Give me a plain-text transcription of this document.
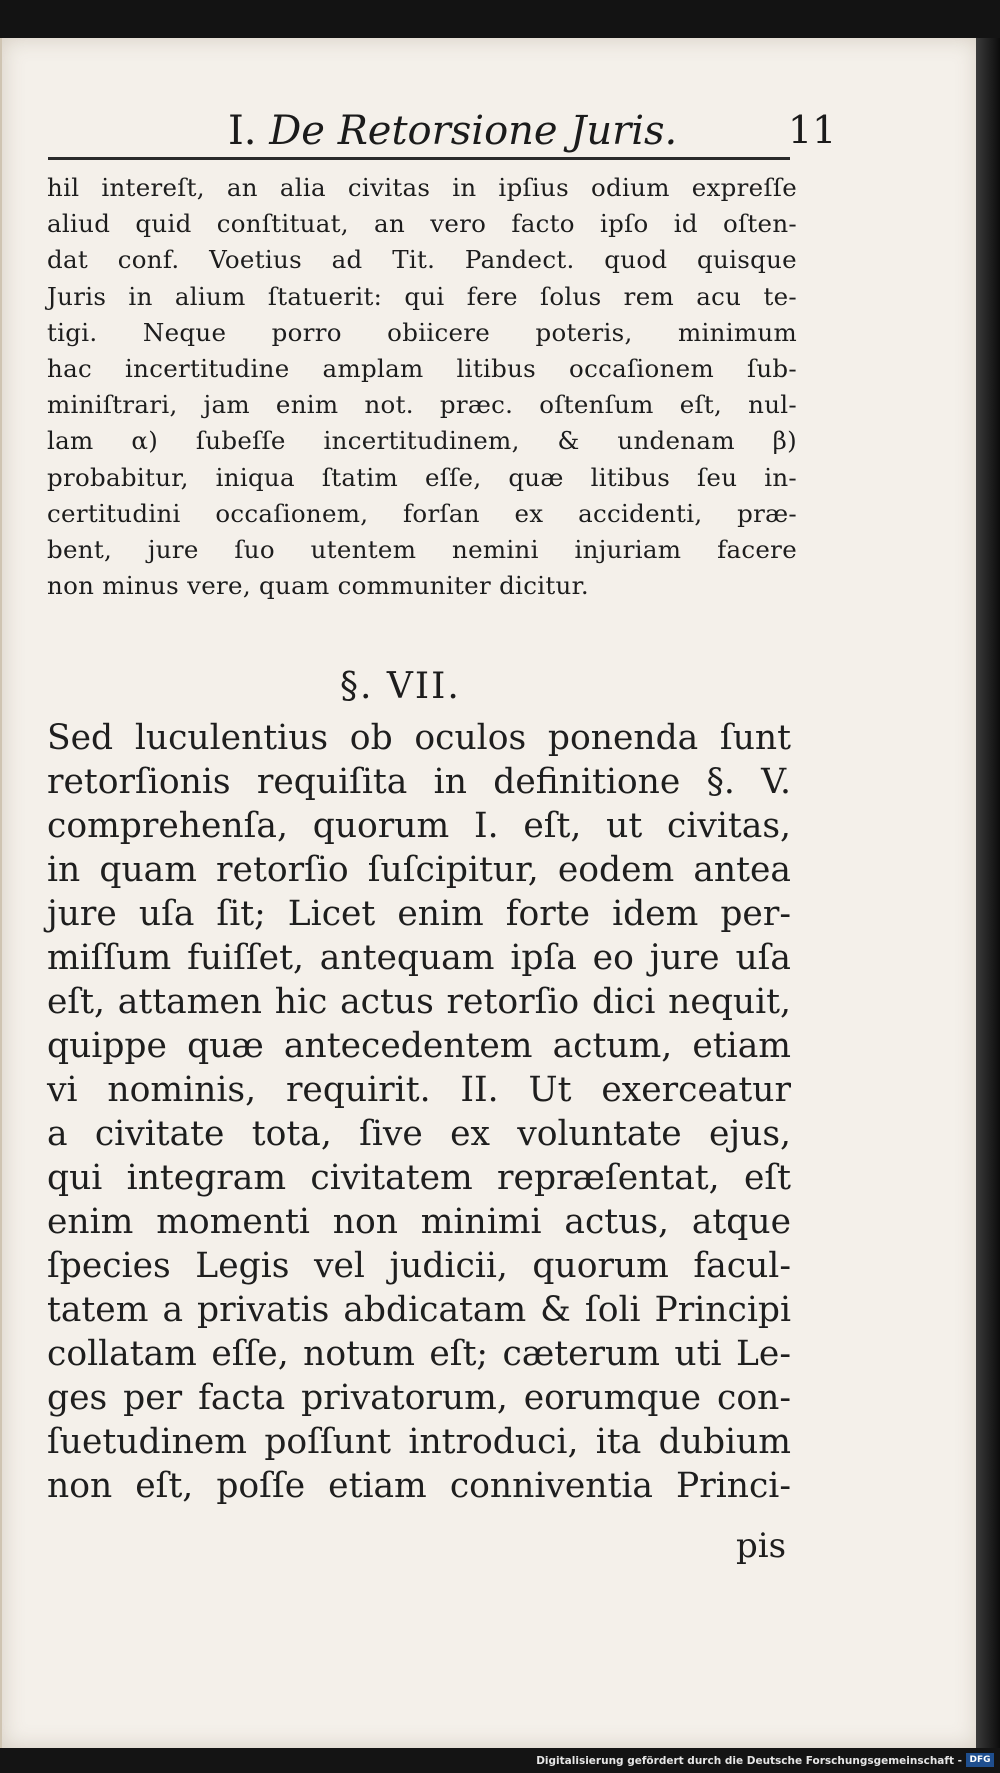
I. De Retorsione Juris.	11
hil intereſt, an alia civitas in ipſius odium expreſſe
aliud quid conſtituat, an vero facto ipſo id oſten-
dat conf. Voetius ad Tit. Pandect. quod quisque
Juris in alium ſtatuerit: qui fere ſolus rem acu te-
tigi. Neque porro obiicere poteris, minimum
hac incertitudine amplam litibus occaſionem ſub-
miniſtrari, jam enim not. præc. oſtenſum eſt, nul-
lam α) ſubeſſe incertitudinem, & undenam β)
probabitur, iniqua ſtatim eſſe, quæ litibus ſeu in-
certitudini occaſionem, forſan ex accidenti, præ-
bent, jure ſuo utentem nemini injuriam facere
non minus vere, quam communiter dicitur.
§. VII.
Sed luculentius ob oculos ponenda ſunt
retorſionis requiſita in definitione §. V.
comprehenſa, quorum I. eſt, ut civitas,
in quam retorſio ſuſcipitur, eodem antea
jure uſa ſit; Licet enim forte idem per-
miſſum fuiſſet, antequam ipſa eo jure uſa
eſt, attamen hic actus retorſio dici nequit,
quippe quæ antecedentem actum, etiam
vi nominis, requirit. II. Ut exerceatur
a civitate tota, ſive ex voluntate ejus,
qui integram civitatem repræſentat, eſt
enim momenti non minimi actus, atque
ſpecies Legis vel judicii, quorum facul-
tatem a privatis abdicatam & ſoli Principi
collatam eſſe, notum eſt; cæterum uti Le-
ges per facta privatorum, eorumque con-
ſuetudinem poſſunt introduci, ita dubium
non eſt, poſſe etiam conniventia Princi-
pis
Digitalisierung gefördert durch die Deutsche Forschungsgemeinschaft - DFG
